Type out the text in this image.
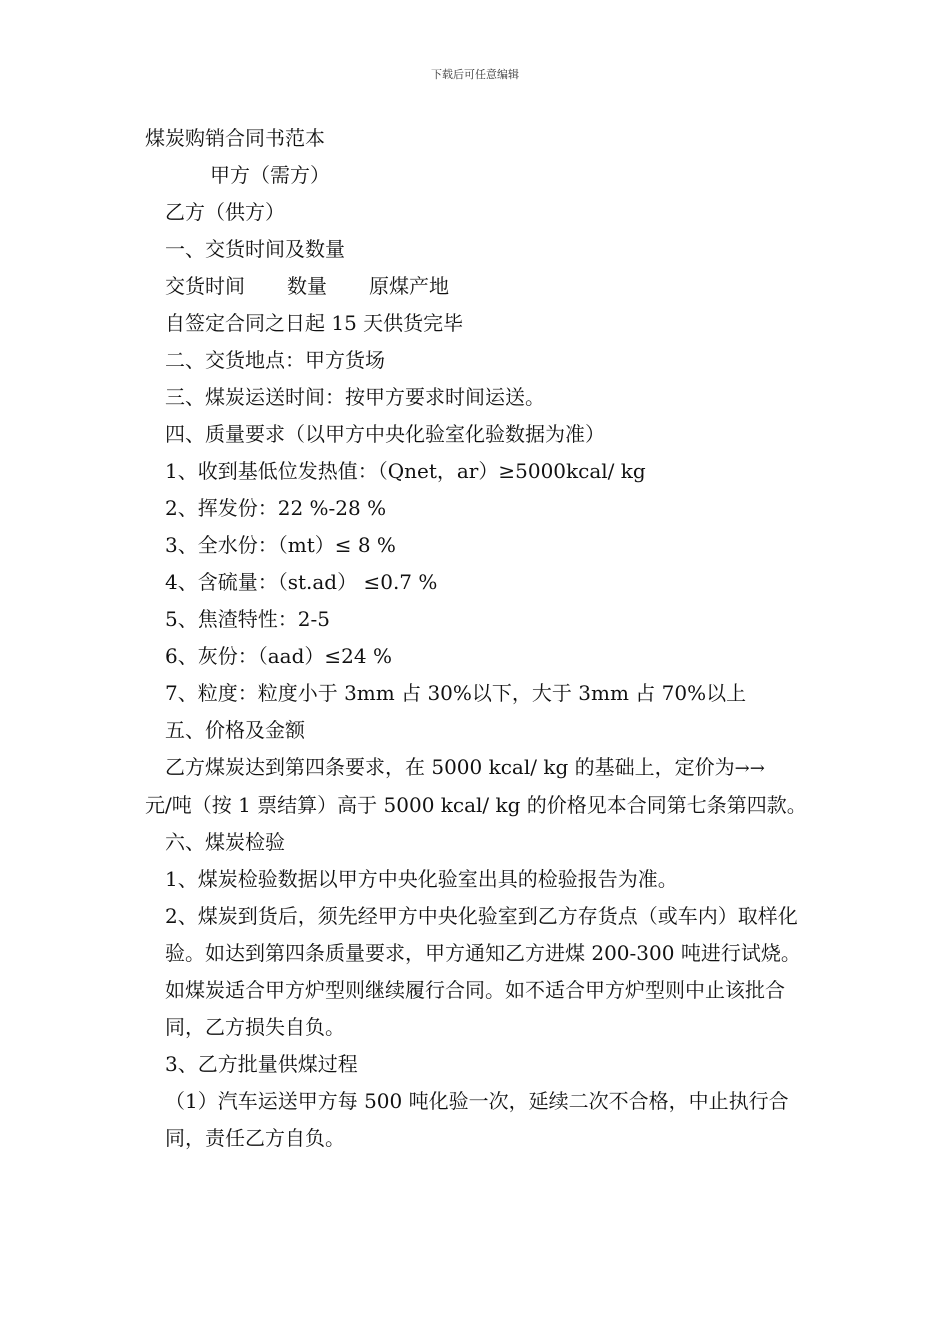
下载后可任意编辑
煤炭购销合同书范本
甲方（需方）
乙方（供方）
一、交货时间及数量
交货时间 数量 原煤产地
自签定合同之日起 15 天供货完毕
二、交货地点：甲方货场
三、煤炭运送时间：按甲方要求时间运送。
四、质量要求（以甲方中央化验室化验数据为准）
1、收到基低位发热值：（Qnet，ar）≥5000kcal/ kg
2、挥发份：22 %-28 %
3、全水份：（mt）≤ 8 %
4、含硫量：（st.ad） ≤0.7 %
5、焦渣特性：2-5
6、灰份：（aad）≤24 %
7、粒度：粒度小于 3mm 占 30%以下，大于 3mm 占 70%以上
五、价格及金额
乙方煤炭达到第四条要求，在 5000 kcal/ kg 的基础上，定价为→→
元/吨（按 1 票结算）高于 5000 kcal/ kg 的价格见本合同第七条第四款。
六、煤炭检验
1、煤炭检验数据以甲方中央化验室出具的检验报告为准。
2、煤炭到货后，须先经甲方中央化验室到乙方存货点（或车内）取样化验。如达到第四条质量要求，甲方通知乙方进煤 200-300 吨进行试烧。如煤炭适合甲方炉型则继续履行合同。如不适合甲方炉型则中止该批合同，乙方损失自负。
3、乙方批量供煤过程
（1）汽车运送甲方每 500 吨化验一次，延续二次不合格，中止执行合同，责任乙方自负。
